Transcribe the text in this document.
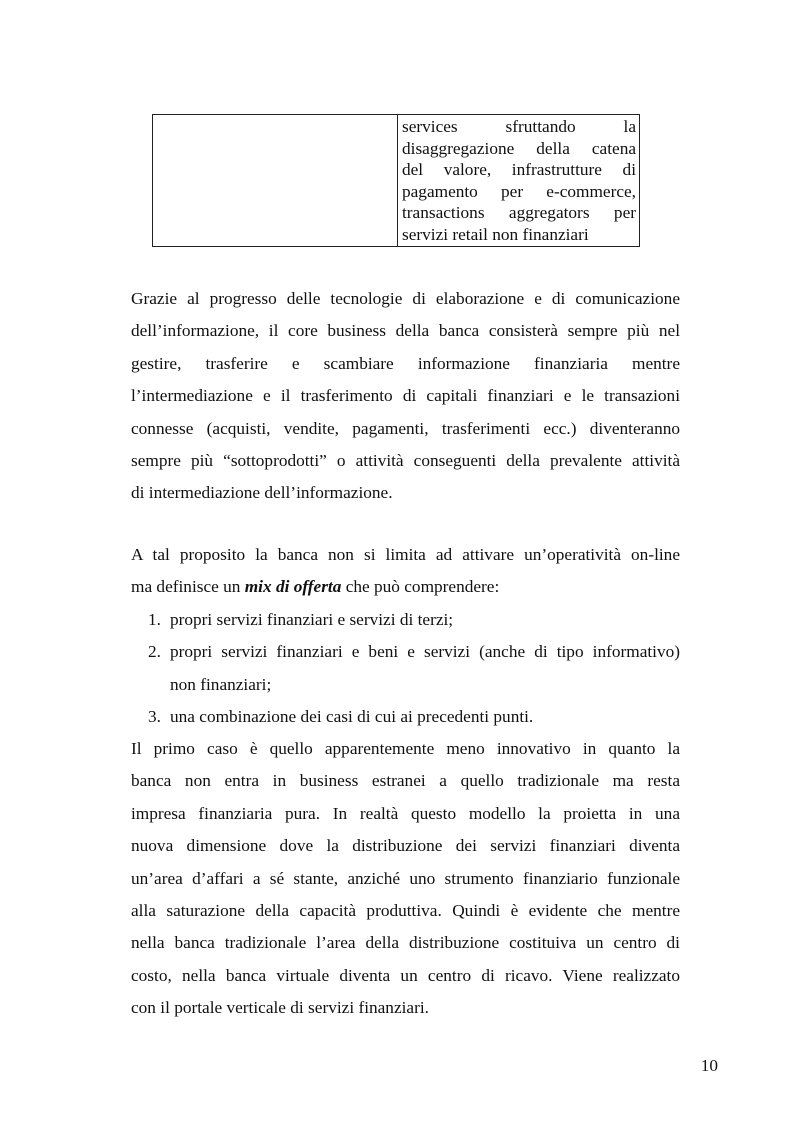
services sfruttando la
disaggregazione della catena
del valore, infrastrutture di
pagamento per e-commerce,
transactions aggregators per
servizi retail non finanziari
Grazie al progresso delle tecnologie di elaborazione e di comunicazione
dell’informazione, il core business della banca consisterà sempre più nel
gestire, trasferire e scambiare informazione finanziaria mentre
l’intermediazione e il trasferimento di capitali finanziari e le transazioni
connesse (acquisti, vendite, pagamenti, trasferimenti ecc.) diventeranno
sempre più “sottoprodotti” o attività conseguenti della prevalente attività
di intermediazione dell’informazione.
A tal proposito la banca non si limita ad attivare un’operatività on-line
ma definisce un mix di offerta che può comprendere:
1. propri servizi finanziari e servizi di terzi;
2. propri servizi finanziari e beni e servizi (anche di tipo informativo)
non finanziari;
3. una combinazione dei casi di cui ai precedenti punti.
Il primo caso è quello apparentemente meno innovativo in quanto la
banca non entra in business estranei a quello tradizionale ma resta
impresa finanziaria pura. In realtà questo modello la proietta in una
nuova dimensione dove la distribuzione dei servizi finanziari diventa
un’area d’affari a sé stante, anziché uno strumento finanziario funzionale
alla saturazione della capacità produttiva. Quindi è evidente che mentre
nella banca tradizionale l’area della distribuzione costituiva un centro di
costo, nella banca virtuale diventa un centro di ricavo. Viene realizzato
con il portale verticale di servizi finanziari.
10
